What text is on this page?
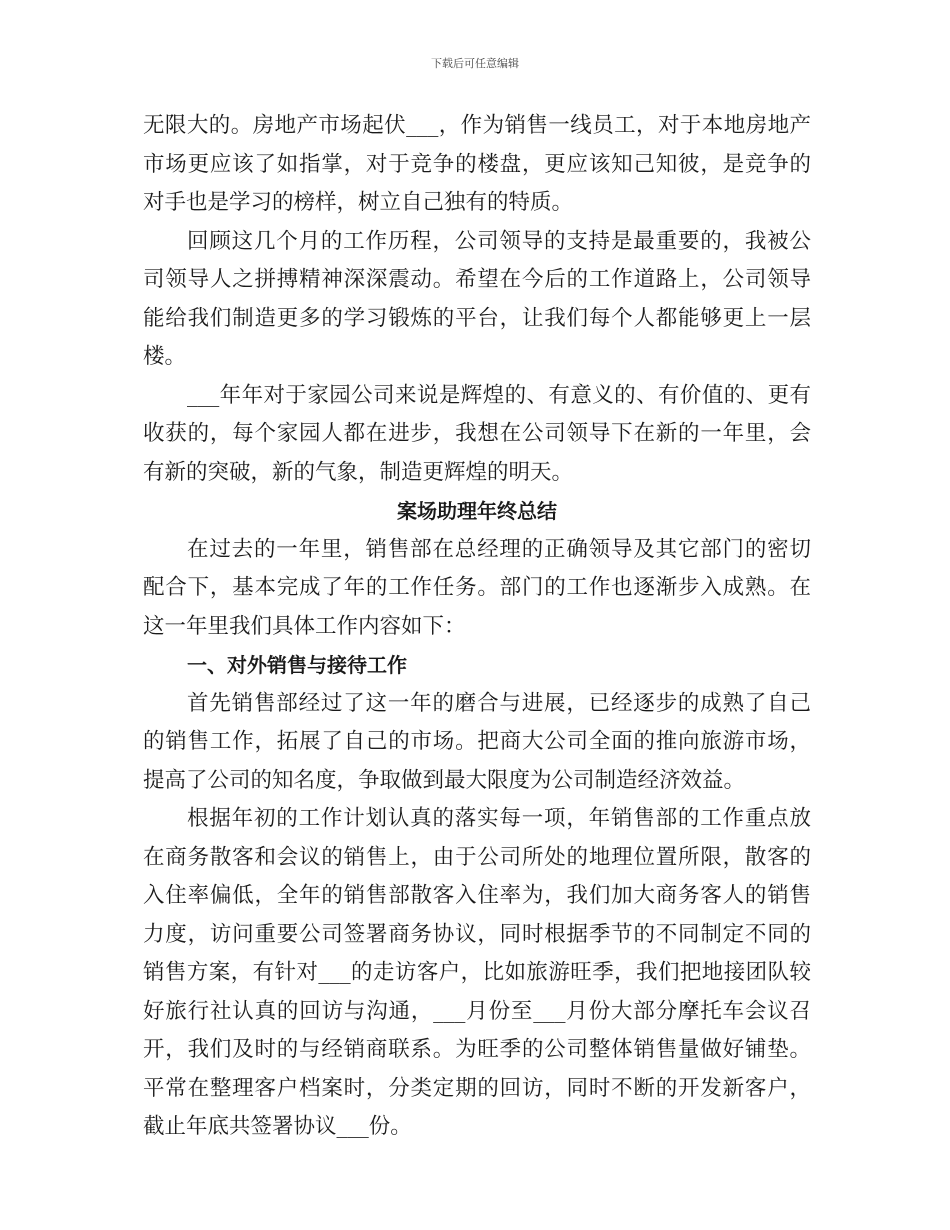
下载后可任意编辑
无限大的。房地产市场起伏___，作为销售一线员工，对于本地房地产
市场更应该了如指掌，对于竞争的楼盘，更应该知己知彼，是竞争的
对手也是学习的榜样，树立自己独有的特质。
回顾这几个月的工作历程，公司领导的支持是最重要的，我被公
司领导人之拼搏精神深深震动。希望在今后的工作道路上，公司领导
能给我们制造更多的学习锻炼的平台，让我们每个人都能够更上一层
楼。
___年年对于家园公司来说是辉煌的、有意义的、有价值的、更有
收获的，每个家园人都在进步，我想在公司领导下在新的一年里，会
有新的突破，新的气象，制造更辉煌的明天。
案场助理年终总结
在过去的一年里，销售部在总经理的正确领导及其它部门的密切
配合下，基本完成了年的工作任务。部门的工作也逐渐步入成熟。在
这一年里我们具体工作内容如下：
一、对外销售与接待工作
首先销售部经过了这一年的磨合与进展，已经逐步的成熟了自己
的销售工作，拓展了自己的市场。把商大公司全面的推向旅游市场，
提高了公司的知名度，争取做到最大限度为公司制造经济效益。
根据年初的工作计划认真的落实每一项，年销售部的工作重点放
在商务散客和会议的销售上，由于公司所处的地理位置所限，散客的
入住率偏低，全年的销售部散客入住率为，我们加大商务客人的销售
力度，访问重要公司签署商务协议，同时根据季节的不同制定不同的
销售方案，有针对___的走访客户，比如旅游旺季，我们把地接团队较
好旅行社认真的回访与沟通，___月份至___月份大部分摩托车会议召
开，我们及时的与经销商联系。为旺季的公司整体销售量做好铺垫。
平常在整理客户档案时，分类定期的回访，同时不断的开发新客户，
截止年底共签署协议___份。
